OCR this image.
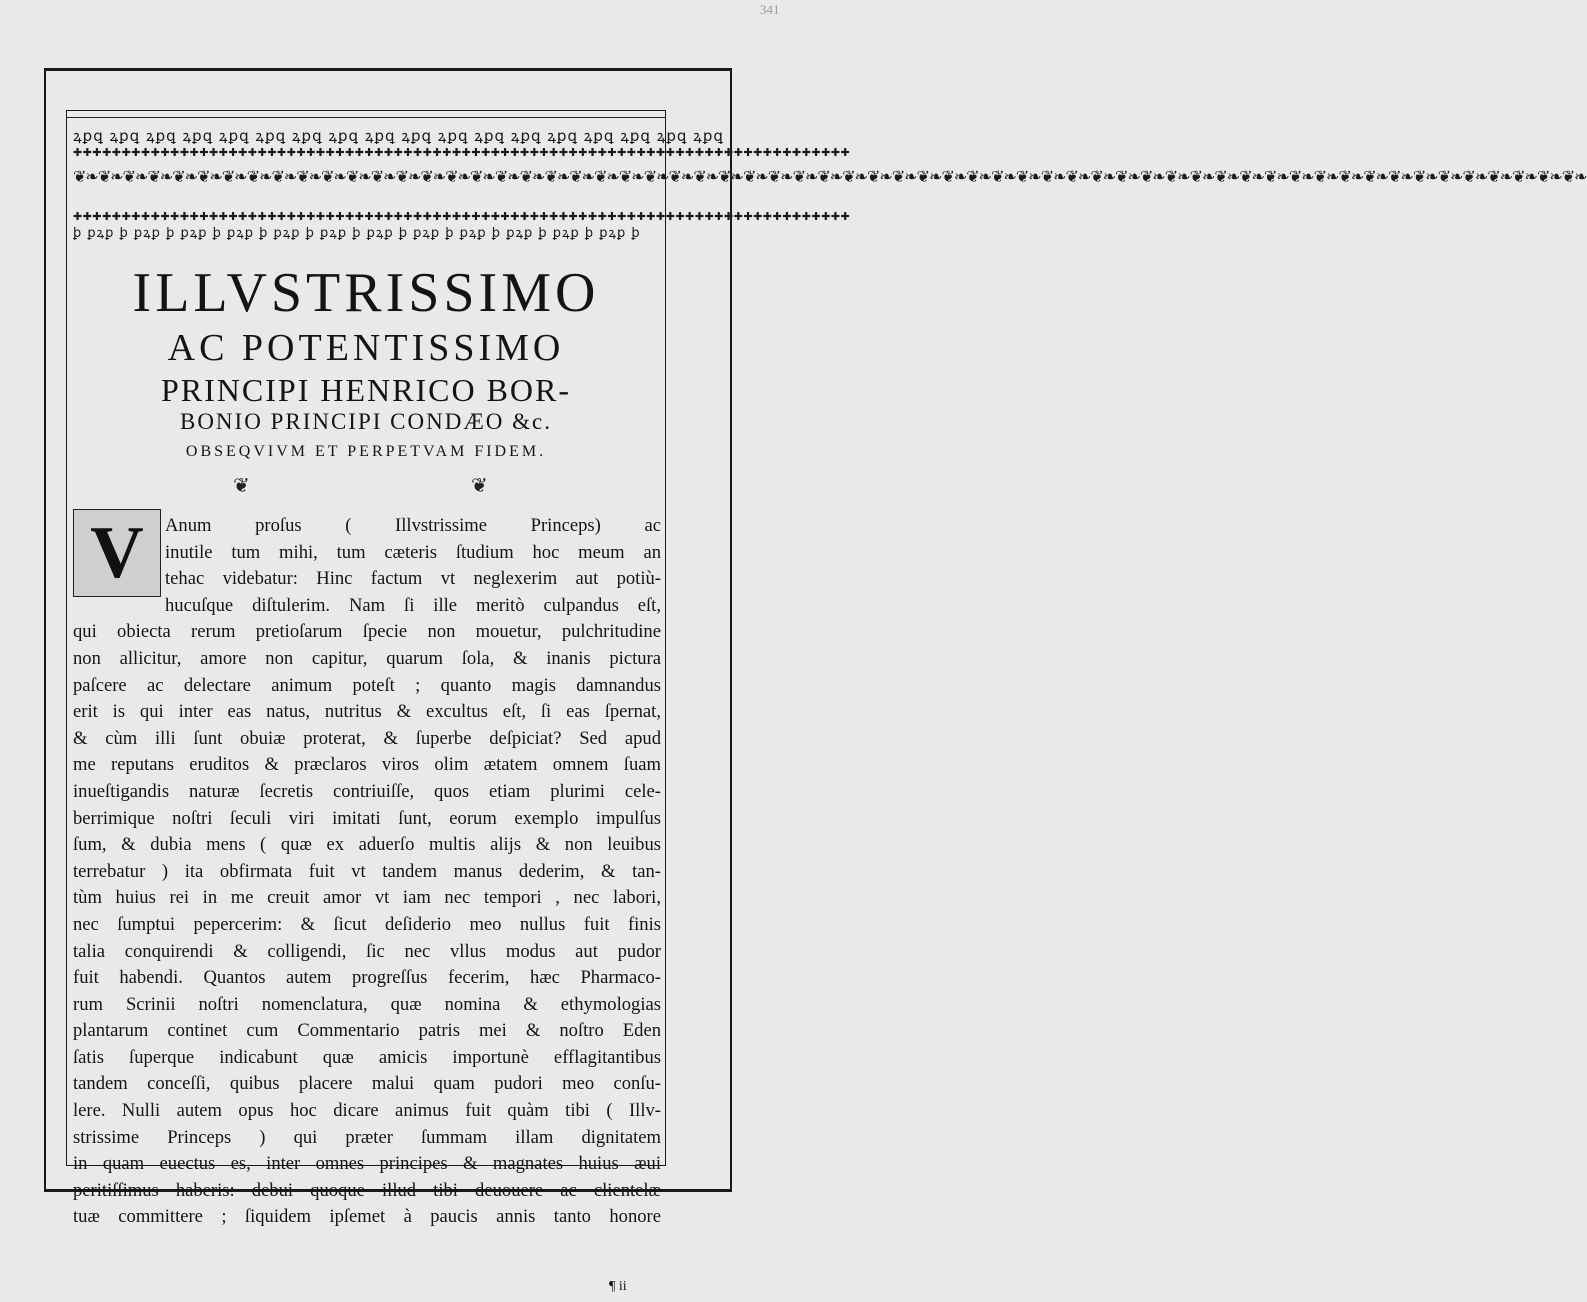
341
ꝝꝑꝗ ꝝꝑꝗ ꝝꝑꝗ ꝝꝑꝗ ꝝꝑꝗ ꝝꝑꝗ ꝝꝑꝗ ꝝꝑꝗ ꝝꝑꝗ ꝝꝑꝗ ꝝꝑꝗ ꝝꝑꝗ ꝝꝑꝗ ꝝꝑꝗ ꝝꝑꝗ ꝝꝑꝗ ꝝꝑꝗ ꝝꝑꝗ
✚✚✚✚✚✚✚✚✚✚✚✚✚✚✚✚✚✚✚✚✚✚✚✚✚✚✚✚✚✚✚✚✚✚✚✚✚✚✚✚✚✚✚✚✚✚✚✚✚✚✚✚✚✚✚✚✚✚✚✚✚✚✚✚✚✚✚✚✚✚✚✚✚✚✚✚✚✚✚✚
❦❧❦❧❦❧❦❧❦❧❦❧❦❧❦❧❦❧❦❧❦❧❦❧❦❧❦❧❦❧❦❧❦❧❦❧❦❧❦❧❦❧❦❧❦❧❦❧❦❧❦❧❦❧❦❧❦❧❦❧❦❧❦❧❦❧❦❧❦❧❦❧❦❧❦❧❦❧❦❧❦❧❦❧❦❧❦❧❦❧❦❧❦❧❦❧❦❧❦❧❦❧❦❧❦❧❦❧❦❧❦❧❦❧❦❧❦❧❦❧❦❧
✚✚✚✚✚✚✚✚✚✚✚✚✚✚✚✚✚✚✚✚✚✚✚✚✚✚✚✚✚✚✚✚✚✚✚✚✚✚✚✚✚✚✚✚✚✚✚✚✚✚✚✚✚✚✚✚✚✚✚✚✚✚✚✚✚✚✚✚✚✚✚✚✚✚✚✚✚✚✚✚
ꝧ ꝑꝝꝑ ꝧ ꝑꝝꝑ ꝧ ꝑꝝꝑ ꝧ ꝑꝝꝑ ꝧ ꝑꝝꝑ ꝧ ꝑꝝꝑ ꝧ ꝑꝝꝑ ꝧ ꝑꝝꝑ ꝧ ꝑꝝꝑ ꝧ ꝑꝝꝑ ꝧ ꝑꝝꝑ ꝧ ꝑꝝꝑ ꝧ
ILLVSTRISSIMO
AC POTENTISSIMO
PRINCIPI HENRICO BOR-
BONIO PRINCIPI CONDÆO &c.
OBSEQVIVM ET PERPETVAM FIDEM.
❦	❦
V Anum proſus ( Illvstrissime Princeps) ac
inutile tum mihi, tum cæteris ſtudium hoc meum an
tehac videbatur: Hinc factum vt neglexerim aut potiù-
hucuſque diſtulerim. Nam ſi ille meritò culpandus eſt,
qui obiecta rerum pretioſarum ſpecie non mouetur, pulchritudine
non allicitur, amore non capitur, quarum ſola, & inanis pictura
paſcere ac delectare animum poteſt ; quanto magis damnandus
erit is qui inter eas natus, nutritus & excultus eſt, ſi eas ſpernat,
& cùm illi ſunt obuiæ proterat, & ſuperbe deſpiciat? Sed apud
me reputans eruditos & præclaros viros olim ætatem omnem ſuam
inueſtigandis naturæ ſecretis contriuiſſe, quos etiam plurimi cele-
berrimique noſtri ſeculi viri imitati ſunt, eorum exemplo impulſus
ſum, & dubia mens ( quæ ex aduerſo multis alijs & non leuibus
terrebatur ) ita obfirmata fuit vt tandem manus dederim, & tan-
tùm huius rei in me creuit amor vt iam nec tempori , nec labori,
nec ſumptui pepercerim: & ſicut deſiderio meo nullus fuit finis
talia conquirendi & colligendi, ſic nec vllus modus aut pudor
fuit habendi. Quantos autem progreſſus fecerim, hæc Pharmaco-
rum Scrinii noſtri nomenclatura, quæ nomina & ethymologias
plantarum continet cum Commentario patris mei & noſtro Eden
ſatis ſuperque indicabunt quæ amicis importunè efflagitantibus
tandem conceſſi, quibus placere malui quam pudori meo conſu-
lere. Nulli autem opus hoc dicare animus fuit quàm tibi ( Illv-
strissime Princeps ) qui præter ſummam illam dignitatem
in quam euectus es, inter omnes principes & magnates huius æui
peritiſſimus haberis: debui quoque illud tibi deuouere ac clientelæ
tuæ committere ; ſiquidem ipſemet à paucis annis tanto honore
¶ ii
